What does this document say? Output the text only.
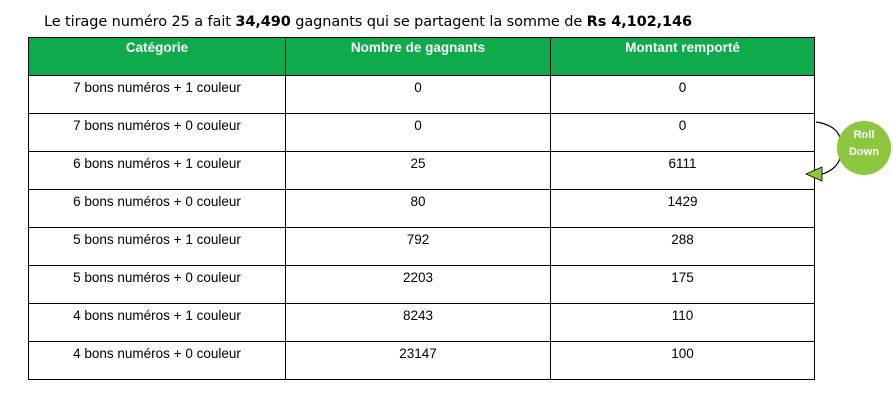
Le tirage numéro 25 a fait 34,490 gagnants qui se partagent la somme de Rs 4,102,146
Catégorie	Nombre de gagnants	Montant remporté
7 bons numéros + 1 couleur	0	0
7 bons numéros + 0 couleur	0	0
6 bons numéros + 1 couleur	25	6111
6 bons numéros + 0 couleur	80	1429
5 bons numéros + 1 couleur	792	288
5 bons numéros + 0 couleur	2203	175
4 bons numéros + 1 couleur	8243	110
4 bons numéros + 0 couleur	23147	100
Roll
Down
